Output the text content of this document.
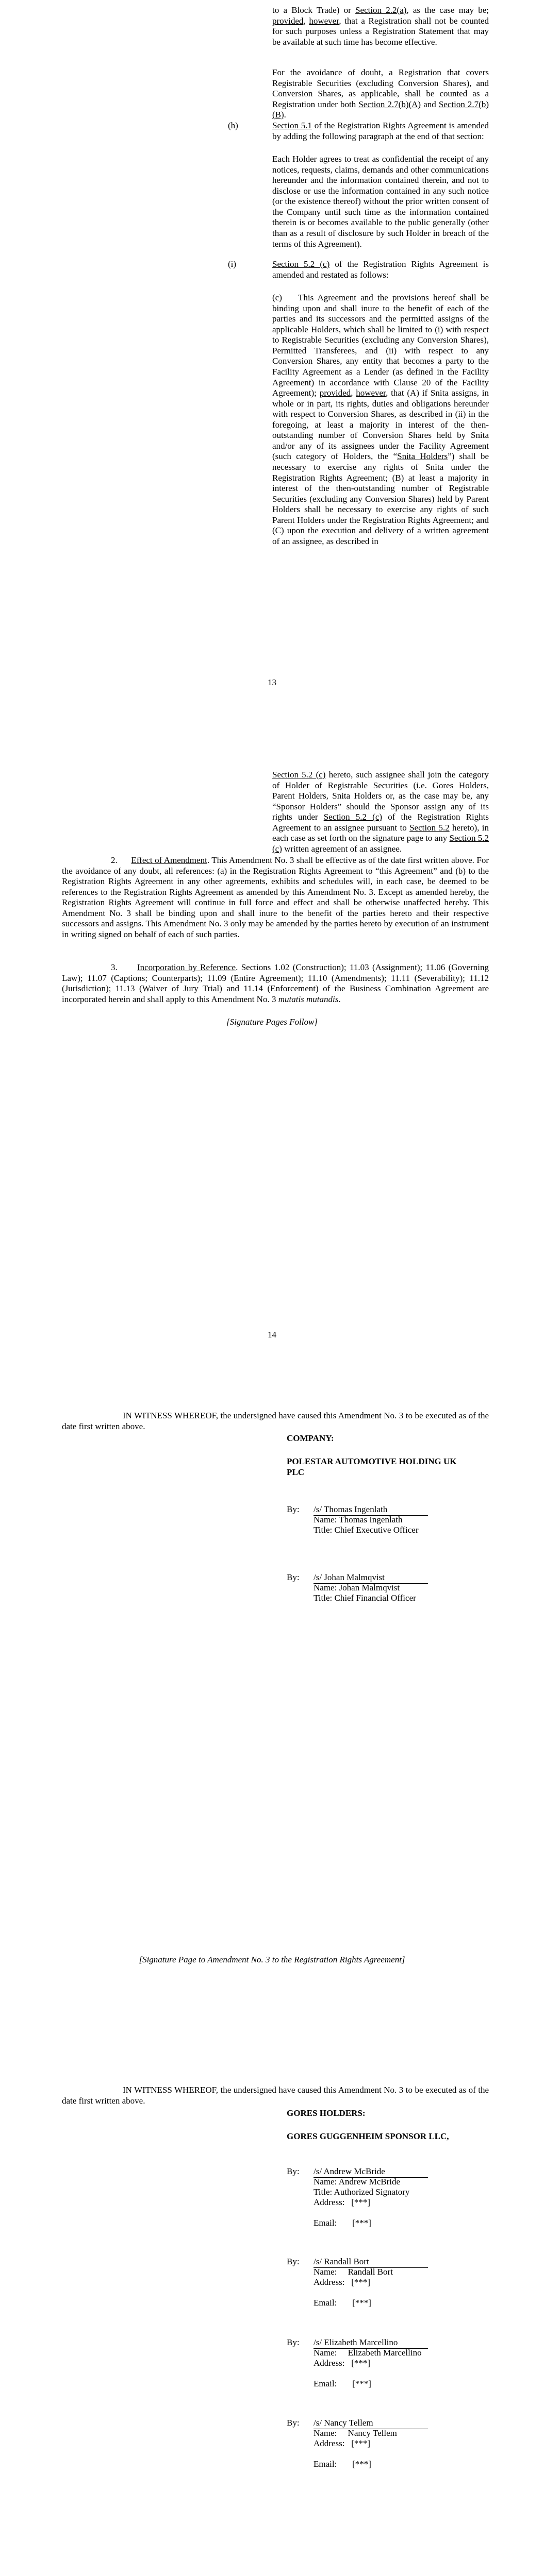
to a Block Trade) or Section 2.2(a), as the case may be; provided, however, that a Registration shall not be counted for such purposes unless a Registration Statement that may be available at such time has become effective.

For the avoidance of doubt, a Registration that covers Registrable Securities (excluding Conversion Shares), and Conversion Shares, as applicable, shall be counted as a Registration under both Section 2.7(b)(A) and Section 2.7(b)(B).

(h)	Section 5.1 of the Registration Rights Agreement is amended by adding the following paragraph at the end of that section:

Each Holder agrees to treat as confidential the receipt of any notices, requests, claims, demands and other communications hereunder and the information contained therein, and not to disclose or use the information contained in any such notice (or the existence thereof) without the prior written consent of the Company until such time as the information contained therein is or becomes available to the public generally (other than as a result of disclosure by such Holder in breach of the terms of this Agreement).

(i)	Section 5.2 (c) of the Registration Rights Agreement is amended and restated as follows:

(c) This Agreement and the provisions hereof shall be binding upon and shall inure to the benefit of each of the parties and its successors and the permitted assigns of the applicable Holders, which shall be limited to (i) with respect to Registrable Securities (excluding any Conversion Shares), Permitted Transferees, and (ii) with respect to any Conversion Shares, any entity that becomes a party to the Facility Agreement as a Lender (as defined in the Facility Agreement) in accordance with Clause 20 of the Facility Agreement); provided, however, that (A) if Snita assigns, in whole or in part, its rights, duties and obligations hereunder with respect to Conversion Shares, as described in (ii) in the foregoing, at least a majority in interest of the then-outstanding number of Conversion Shares held by Snita and/or any of its assignees under the Facility Agreement (such category of Holders, the “Snita Holders”) shall be necessary to exercise any rights of Snita under the Registration Rights Agreement; (B) at least a majority in interest of the then-outstanding number of Registrable Securities (excluding any Conversion Shares) held by Parent Holders shall be necessary to exercise any rights of such Parent Holders under the Registration Rights Agreement; and (C) upon the execution and delivery of a written agreement of an assignee, as described in

13

Section 5.2 (c) hereto, such assignee shall join the category of Holder of Registrable Securities (i.e. Gores Holders, Parent Holders, Snita Holders or, as the case may be, any “Sponsor Holders” should the Sponsor assign any of its rights under Section 5.2 (c) of the Registration Rights Agreement to an assignee pursuant to Section 5.2 hereto), in each case as set forth on the signature page to any Section 5.2 (c) written agreement of an assignee.

2. Effect of Amendment. This Amendment No. 3 shall be effective as of the date first written above. For the avoidance of any doubt, all references: (a) in the Registration Rights Agreement to “this Agreement” and (b) to the Registration Rights Agreement in any other agreements, exhibits and schedules will, in each case, be deemed to be references to the Registration Rights Agreement as amended by this Amendment No. 3. Except as amended hereby, the Registration Rights Agreement will continue in full force and effect and shall be otherwise unaffected hereby. This Amendment No. 3 shall be binding upon and shall inure to the benefit of the parties hereto and their respective successors and assigns. This Amendment No. 3 only may be amended by the parties hereto by execution of an instrument in writing signed on behalf of each of such parties.

3. Incorporation by Reference. Sections 1.02 (Construction); 11.03 (Assignment); 11.06 (Governing Law); 11.07 (Captions; Counterparts); 11.09 (Entire Agreement); 11.10 (Amendments); 11.11 (Severability); 11.12 (Jurisdiction); 11.13 (Waiver of Jury Trial) and 11.14 (Enforcement) of the Business Combination Agreement are incorporated herein and shall apply to this Amendment No. 3 mutatis mutandis.

[Signature Pages Follow]
14

IN WITNESS WHEREOF, the undersigned have caused this Amendment No. 3 to be executed as of the date first written above.

COMPANY:
POLESTAR AUTOMOTIVE HOLDING UK PLC
By: /s/ Thomas Ingenlath
Name: Thomas Ingenlath
Title: Chief Executive Officer
By: /s/ Johan Malmqvist
Name: Johan Malmqvist
Title: Chief Financial Officer
[Signature Page to Amendment No. 3 to the Registration Rights Agreement]

IN WITNESS WHEREOF, the undersigned have caused this Amendment No. 3 to be executed as of the date first written above.

GORES HOLDERS:
GORES GUGGENHEIM SPONSOR LLC,
By: /s/ Andrew McBride
Name: Andrew McBride
Title: Authorized Signatory
Address: [***]
Email: [***]
By: /s/ Randall Bort
Name: Randall Bort
Address: [***]
Email: [***]
By: /s/ Elizabeth Marcellino
Name: Elizabeth Marcellino
Address: [***]
Email: [***]
By: /s/ Nancy Tellem
Name: Nancy Tellem
Address: [***]
Email: [***]
